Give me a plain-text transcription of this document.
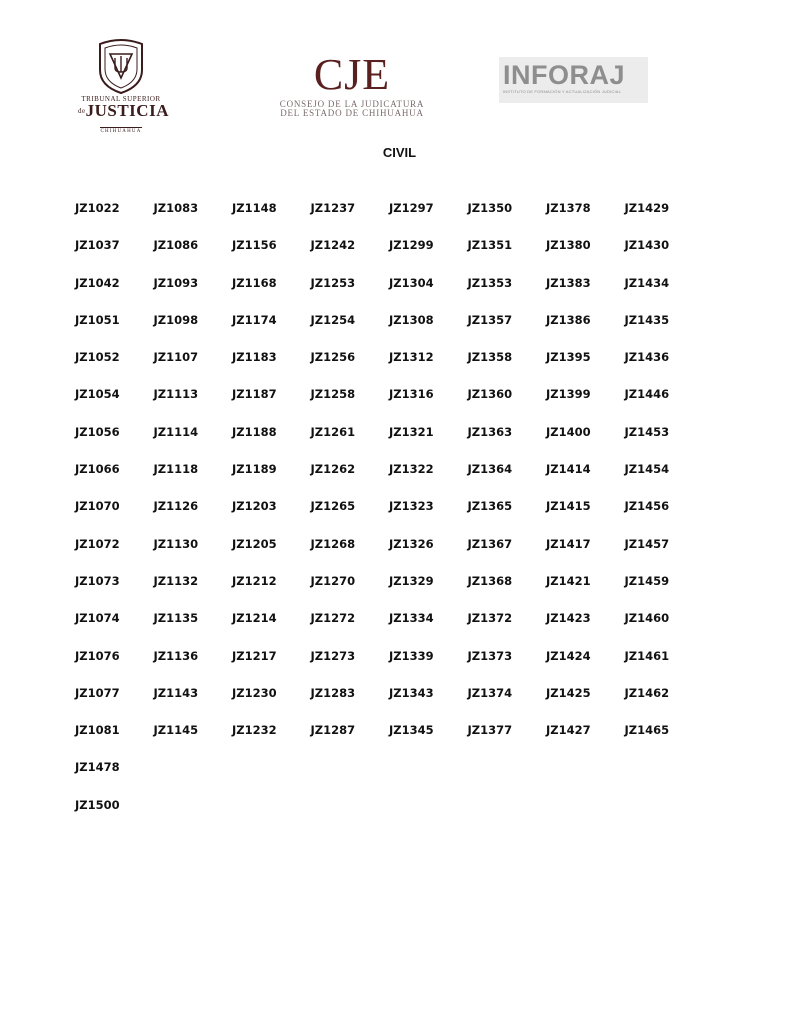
TRIBUNAL SUPERIOR
$^{de}$JUSTICIA
CHIHUAHUA
CJE
CONSEJO DE LA JUDICATURA
DEL ESTADO DE CHIHUAHUA
INFORAJ
INSTITUTO DE FORMACIÓN Y ACTUALIZACIÓN JUDICIAL
CIVIL
JZ1022	JZ1083	JZ1148	JZ1237	JZ1297	JZ1350	JZ1378	JZ1429
JZ1037	JZ1086	JZ1156	JZ1242	JZ1299	JZ1351	JZ1380	JZ1430
JZ1042	JZ1093	JZ1168	JZ1253	JZ1304	JZ1353	JZ1383	JZ1434
JZ1051	JZ1098	JZ1174	JZ1254	JZ1308	JZ1357	JZ1386	JZ1435
JZ1052	JZ1107	JZ1183	JZ1256	JZ1312	JZ1358	JZ1395	JZ1436
JZ1054	JZ1113	JZ1187	JZ1258	JZ1316	JZ1360	JZ1399	JZ1446
JZ1056	JZ1114	JZ1188	JZ1261	JZ1321	JZ1363	JZ1400	JZ1453
JZ1066	JZ1118	JZ1189	JZ1262	JZ1322	JZ1364	JZ1414	JZ1454
JZ1070	JZ1126	JZ1203	JZ1265	JZ1323	JZ1365	JZ1415	JZ1456
JZ1072	JZ1130	JZ1205	JZ1268	JZ1326	JZ1367	JZ1417	JZ1457
JZ1073	JZ1132	JZ1212	JZ1270	JZ1329	JZ1368	JZ1421	JZ1459
JZ1074	JZ1135	JZ1214	JZ1272	JZ1334	JZ1372	JZ1423	JZ1460
JZ1076	JZ1136	JZ1217	JZ1273	JZ1339	JZ1373	JZ1424	JZ1461
JZ1077	JZ1143	JZ1230	JZ1283	JZ1343	JZ1374	JZ1425	JZ1462
JZ1081	JZ1145	JZ1232	JZ1287	JZ1345	JZ1377	JZ1427	JZ1465
JZ1478
JZ1500
